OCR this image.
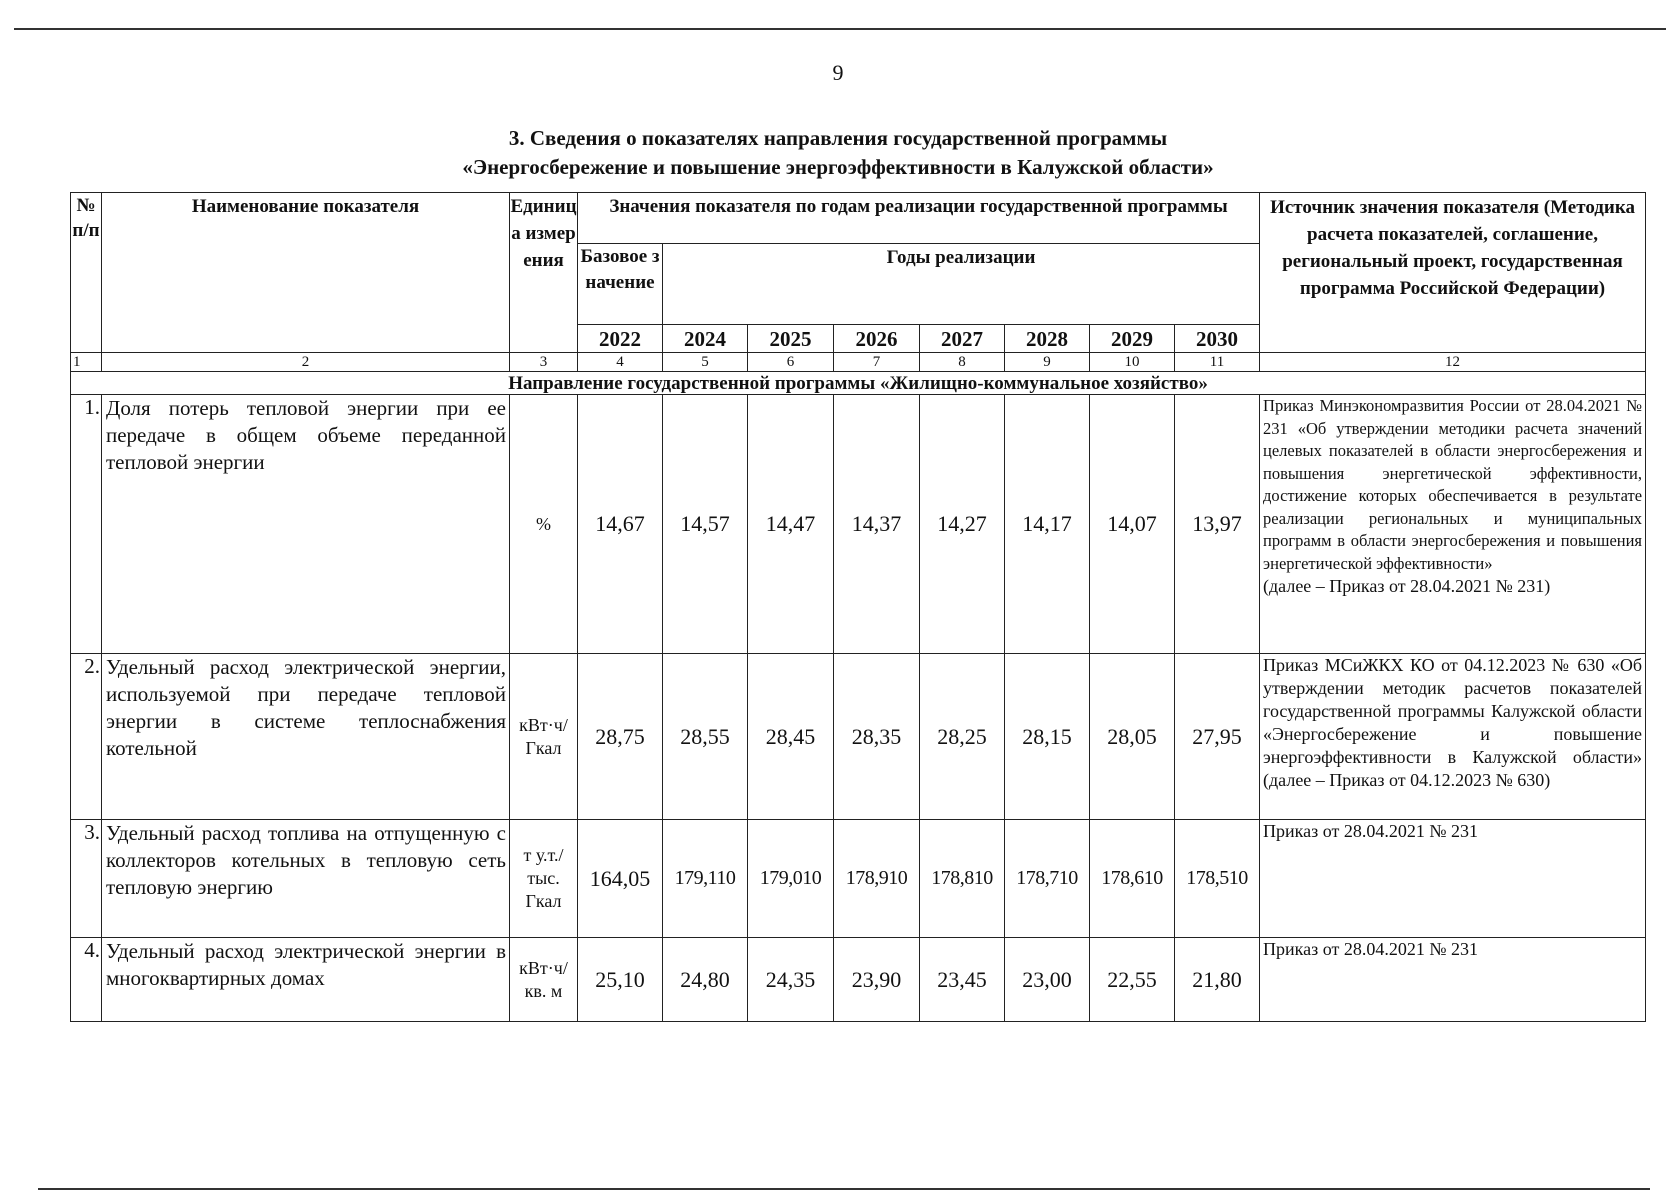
9
3. Сведения о показателях направления государственной программы
«Энергосбережение и повышение энергоэффективности в Калужской области»
№ п/п	Наименование показателя	Единица измерения	Значения показателя по годам реализации государственной программы								Источник значения показателя (Методика расчета показателей, соглашение, региональный проект, государственная программа Российской Федерации)
			Базовое значение	Годы реализации							
			2022	2024	2025	2026	2027	2028	2029	2030	
1	2	3	4	5	6	7	8	9	10	11	12
Направление государственной программы «Жилищно-коммунальное хозяйство»											
1.	Доля потерь тепловой энергии при ее передаче в общем объеме переданной тепловой энергии	%	14,67	14,57	14,47	14,37	14,27	14,17	14,07	13,97	Приказ Минэкономразвития России от 28.04.2021 № 231 «Об утверждении методики расчета значений целевых показателей в области энергосбережения и повышения энергетической эффективности, достижение которых обеспечивается в результате реализации региональных и муниципальных программ в области энергосбережения и повышения энергетической эффективности»
(далее – Приказ от 28.04.2021 № 231)

2.	Удельный расход электрической энергии, используемой при передаче тепловой энергии в системе теплоснабжения котельной	кВт·ч/ Гкал	28,75	28,55	28,45	28,35	28,25	28,15	28,05	27,95	Приказ МСиЖКХ КО от 04.12.2023 № 630 «Об утверждении методик расчетов показателей государственной программы Калужской области «Энергосбережение и повышение энергоэффективности в Калужской области» (далее – Приказ от 04.12.2023 № 630)

3.	Удельный расход топлива на отпущенную с коллекторов котельных в тепловую сеть тепловую энергию	т у.т./ тыс. Гкал	164,05	179,110	179,010	178,910	178,810	178,710	178,610	178,510	Приказ от 28.04.2021 № 231

4.	Удельный расход электрической энергии в многоквартирных домах	кВт·ч/ кв. м	25,10	24,80	24,35	23,90	23,45	23,00	22,55	21,80	Приказ от 28.04.2021 № 231
